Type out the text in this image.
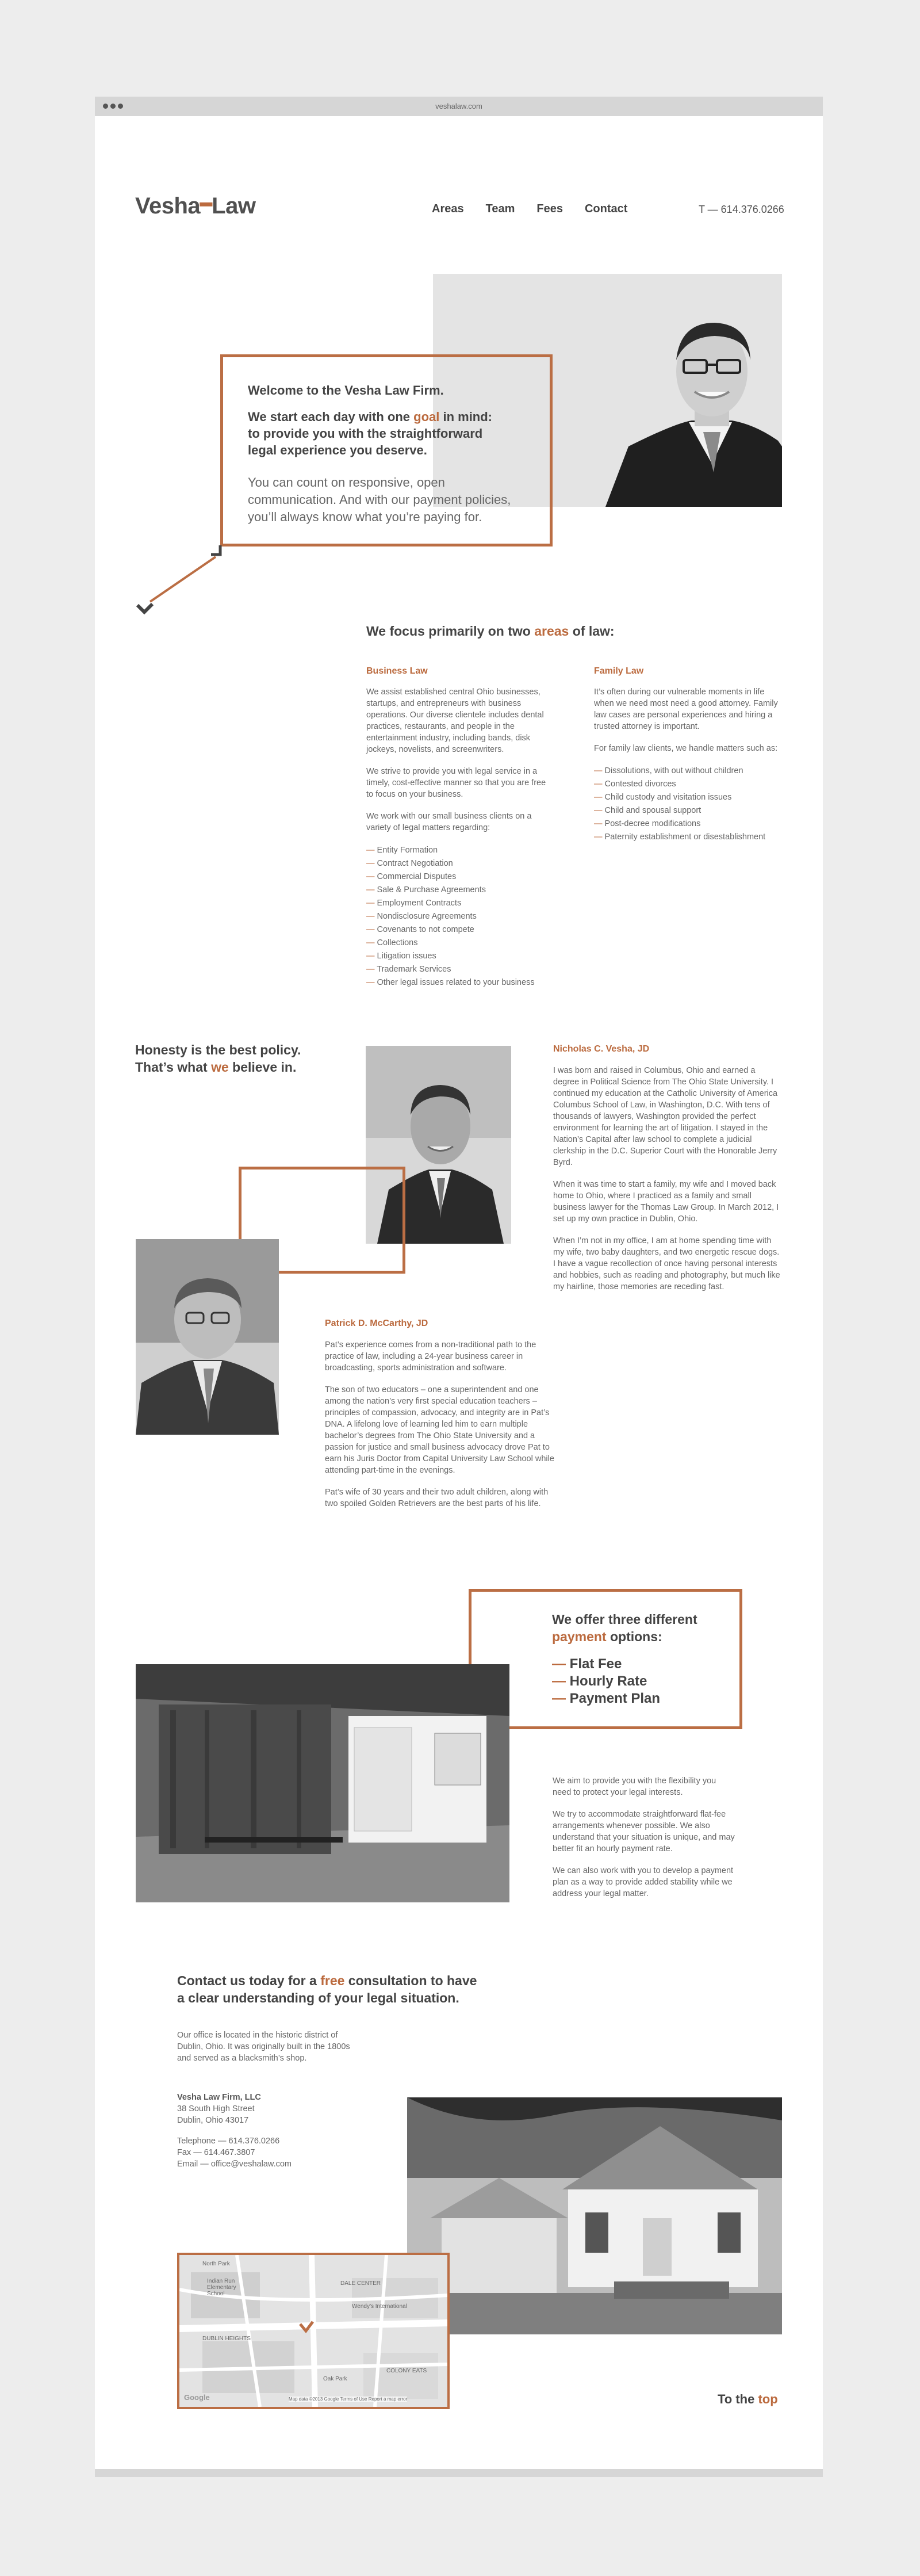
veshalaw.com
Vesha━Law	Areas Team Fees Contact	T — 614.376.0266
Welcome to the Vesha Law Firm.
We start each day with one goal in mind:
to provide you with the straightforward
legal experience you deserve.
You can count on responsive, open
communication. And with our payment policies,
you’ll always know what you’re paying for.
We focus primarily on two areas of law:
Business Law

We assist established central Ohio businesses, startups, and entrepreneurs with business operations. Our diverse clientele includes dental practices, restaurants, and people in the entertainment industry, including bands, disk jockeys, novelists, and screenwriters.

We strive to provide you with legal service in a timely, cost-effective manner so that you are free to focus on your business.

We work with our small business clients on a variety of legal matters regarding:

— Entity Formation
— Contract Negotiation
— Commercial Disputes
— Sale & Purchase Agreements
— Employment Contracts
— Nondisclosure Agreements
— Covenants to not compete
— Collections
— Litigation issues
— Trademark Services
— Other legal issues related to your business
Family Law

It’s often during our vulnerable moments in life when we need most need a good attorney. Family law cases are personal experiences and hiring a trusted attorney is important.

For family law clients, we handle matters such as:

— Dissolutions, with out without children
— Contested divorces
— Child custody and visitation issues
— Child and spousal support
— Post-decree modifications
— Paternity establishment or disestablishment
Honesty is the best policy.
That’s what we believe in.
Nicholas C. Vesha, JD

I was born and raised in Columbus, Ohio and earned a degree in Political Science from The Ohio State University. I continued my education at the Catholic University of America Columbus School of Law, in Washington, D.C. With tens of thousands of lawyers, Washington provided the perfect environment for learning the art of litigation. I stayed in the Nation’s Capital after law school to complete a judicial clerkship in the D.C. Superior Court with the Honorable Jerry Byrd.

When it was time to start a family, my wife and I moved back home to Ohio, where I practiced as a family and small business lawyer for the Thomas Law Group. In March 2012, I set up my own practice in Dublin, Ohio.

When I’m not in my office, I am at home spending time with my wife, two baby daughters, and two energetic rescue dogs. I have a vague recollection of once having personal interests and hobbies, such as reading and photography, but much like my hairline, those memories are receding fast.

Patrick D. McCarthy, JD

Pat’s experience comes from a non-traditional path to the practice of law, including a 24-year business career in broadcasting, sports administration and software.

The son of two educators – one a superintendent and one among the nation’s very first special education teachers – principles of compassion, advocacy, and integrity are in Pat’s DNA. A lifelong love of learning led him to earn multiple bachelor’s degrees from The Ohio State University and a passion for justice and small business advocacy drove Pat to earn his Juris Doctor from Capital University Law School while attending part-time in the evenings.

Pat’s wife of 30 years and their two adult children, along with two spoiled Golden Retrievers are the best parts of his life.

We offer three different
payment options:
— Flat Fee
— Hourly Rate
— Payment Plan

We aim to provide you with the flexibility you need to protect your legal interests.

We try to accommodate straightforward flat-fee arrangements whenever possible. We also understand that your situation is unique, and may better fit an hourly payment rate.

We can also work with you to develop a payment plan as a way to provide added stability while we address your legal matter.

Contact us today for a free consultation to have
a clear understanding of your legal situation.

Our office is located in the historic district of Dublin, Ohio. It was originally built in the 1800s and served as a blacksmith’s shop.

Vesha Law Firm, LLC
38 South High Street
Dublin, Ohio 43017
Telephone — 614.376.0266
Fax — 614.467.3807
Email — office@veshalaw.com
Indian Run Elementary School
Wendy’s International
DALE CENTER
DUBLIN HEIGHTS
COLONY EATS
North Park
Oak Park
Google	Map data ©2013 Google Terms of Use Report a map error	To the top
